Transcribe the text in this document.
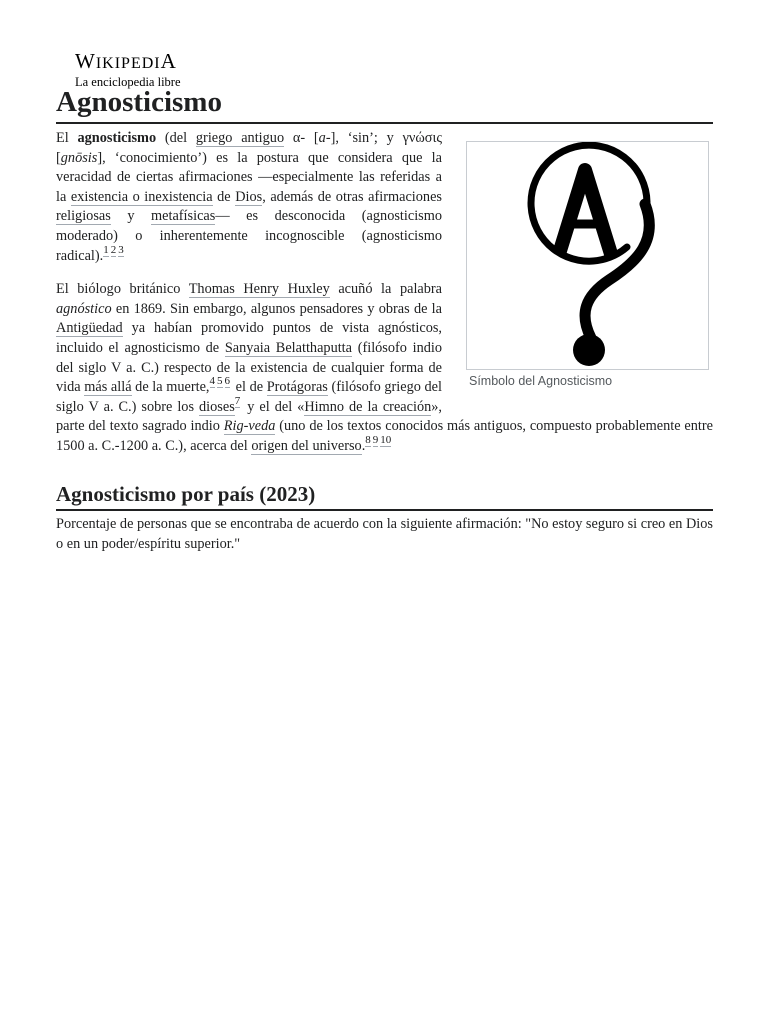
WIKIPEDIA
La enciclopedia libre
Agnosticismo
Símbolo del Agnosticismo

El agnosticismo (del griego antiguo α- [a-], ‘sin’; y γνώσις [gnōsis], ‘conocimiento’) es la postura que considera que la veracidad de ciertas afirmaciones —especialmente las referidas a la existencia o inexistencia de Dios, además de otras afirmaciones religiosas y metafísicas— es desconocida (agnosticismo moderado) o inherentemente incognoscible (agnosticismo radical).$^{1 2 3}$

El biólogo británico Thomas Henry Huxley acuñó la palabra agnóstico en 1869. Sin embargo, algunos pensadores y obras de la Antigüedad ya habían promovido puntos de vista agnósticos, incluido el agnosticismo de Sanyaia Belatthaputta (filósofo indio del siglo V a. C.) respecto de la existencia de cualquier forma de vida más allá de la muerte,$^{4 5 6}$ el de Protágoras (filósofo griego del siglo V a. C.) sobre los dioses$^7$ y el del «Himno de la creación», parte del texto sagrado indio Rig-veda (uno de los textos conocidos más antiguos, compuesto probablemente entre 1500 a. C.-1200 a. C.), acerca del origen del universo.$^{8 9 10}$

Agnosticismo por país (2023)

Porcentaje de personas que se encontraba de acuerdo con la siguiente afirmación: "No estoy seguro si creo en Dios o en un poder/espíritu superior."
